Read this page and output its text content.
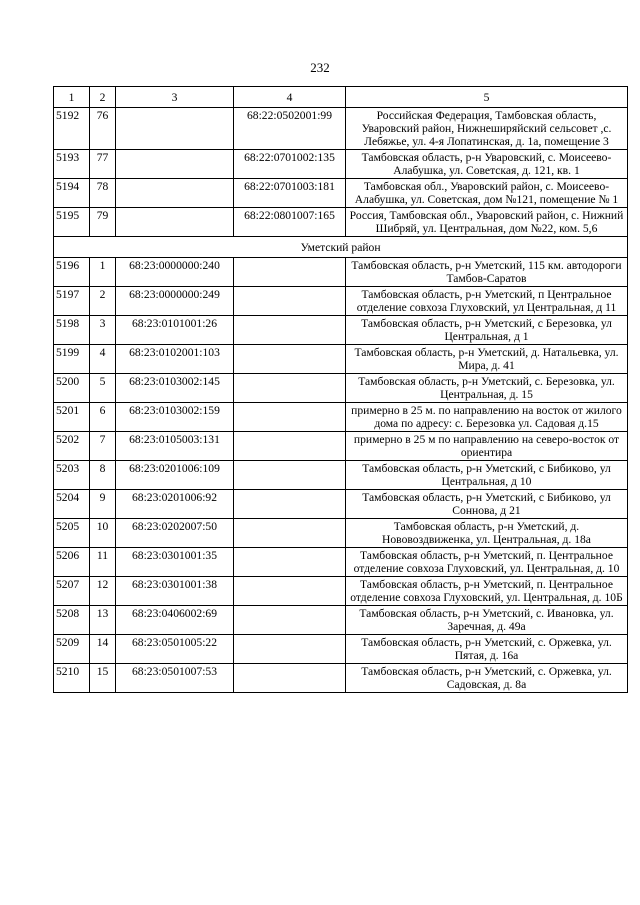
232
1	2	3	4	5
5192	76		68:22:0502001:99	Российская Федерация, Тамбовская область, Уваровский район, Нижнеширяйский сельсовет ,с. Лебяжье, ул. 4-я Лопатинская, д. 1а, помещение 3
5193	77		68:22:0701002:135	Тамбовская область, р-н Уваровский, с. Моисеево-Алабушка, ул. Советская, д. 121, кв. 1
5194	78		68:22:0701003:181	Тамбовская обл., Уваровский район, с. Моисеево-Алабушка, ул. Советская, дом №121, помещение № 1
5195	79		68:22:0801007:165	Россия, Тамбовская обл., Уваровский район, с. Нижний Шибряй, ул. Центральная, дом №22, ком. 5,6
Уметский район				
5196	1	68:23:0000000:240		Тамбовская область, р-н Уметский, 115 км. автодороги Тамбов-Саратов
5197	2	68:23:0000000:249		Тамбовская область, р-н Уметский, п Центральное отделение совхоза Глуховский, ул Центральная, д 11
5198	3	68:23:0101001:26		Тамбовская область, р-н Уметский, с Березовка, ул Центральная, д 1
5199	4	68:23:0102001:103		Тамбовская область, р-н Уметский, д. Натальевка, ул. Мира, д. 41
5200	5	68:23:0103002:145		Тамбовская область, р-н Уметский, с. Березовка, ул. Центральная, д. 15
5201	6	68:23:0103002:159		примерно в 25 м. по направлению на восток от жилого дома по адресу: с. Березовка ул. Садовая д.15
5202	7	68:23:0105003:131		примерно в 25 м по направлению на северо-восток от ориентира
5203	8	68:23:0201006:109		Тамбовская область, р-н Уметский, с Бибиково, ул Центральная, д 10
5204	9	68:23:0201006:92		Тамбовская область, р-н Уметский, с Бибиково, ул Соннова, д 21
5205	10	68:23:0202007:50		Тамбовская область, р-н Уметский, д. Нововоздвиженка, ул. Центральная, д. 18а
5206	11	68:23:0301001:35		Тамбовская область, р-н Уметский, п. Центральное отделение совхоза Глуховский, ул. Центральная, д. 10
5207	12	68:23:0301001:38		Тамбовская область, р-н Уметский, п. Центральное отделение совхоза Глуховский, ул. Центральная, д. 10Б
5208	13	68:23:0406002:69		Тамбовская область, р-н Уметский, с. Ивановка, ул. Заречная, д. 49а
5209	14	68:23:0501005:22		Тамбовская область, р-н Уметский, с. Оржевка, ул. Пятая, д. 16а
5210	15	68:23:0501007:53		Тамбовская область, р-н Уметский, с. Оржевка, ул. Садовская, д. 8а
